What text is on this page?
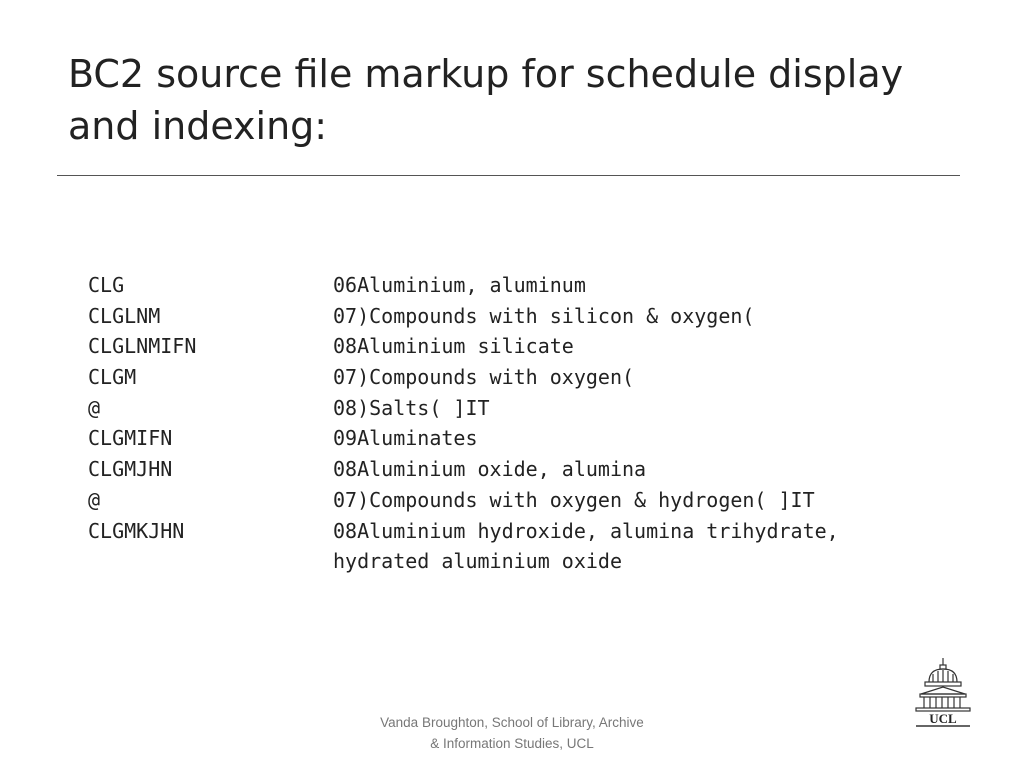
BC2 source file markup for schedule display
and indexing:
CLG	06Aluminium, aluminum
CLGLNM	07)Compounds with silicon & oxygen(
CLGLNMIFN	08Aluminium silicate
CLGM	07)Compounds with oxygen(
@	08)Salts( ]IT
CLGMIFN	09Aluminates
CLGMJHN	08Aluminium oxide, alumina
@	07)Compounds with oxygen & hydrogen( ]IT
CLGMKJHN	08Aluminium hydroxide, alumina trihydrate,
hydrated aluminium oxide
Vanda Broughton, School of Library, Archive
& Information Studies, UCL
UCL
